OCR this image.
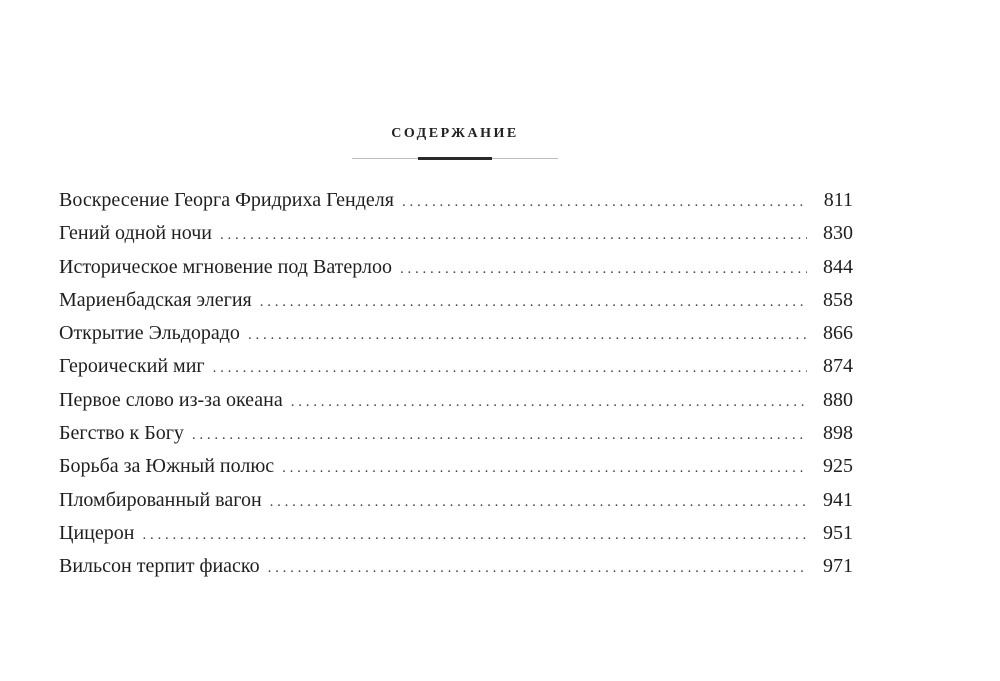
СОДЕРЖАНИЕ
Воскресение Георга Фридриха Генделя . . .	811
Гений одной ночи . . .	830
Историческое мгновение под Ватерлоо . . .	844
Мариенбадская элегия . . .	858
Открытие Эльдорадо . . .	866
Героический миг . . .	874
Первое слово из-за океана . . .	880
Бегство к Богу . . .	898
Борьба за Южный полюс . . .	925
Пломбированный вагон . . .	941
Цицерон . . .	951
Вильсон терпит фиаско . . .	971
